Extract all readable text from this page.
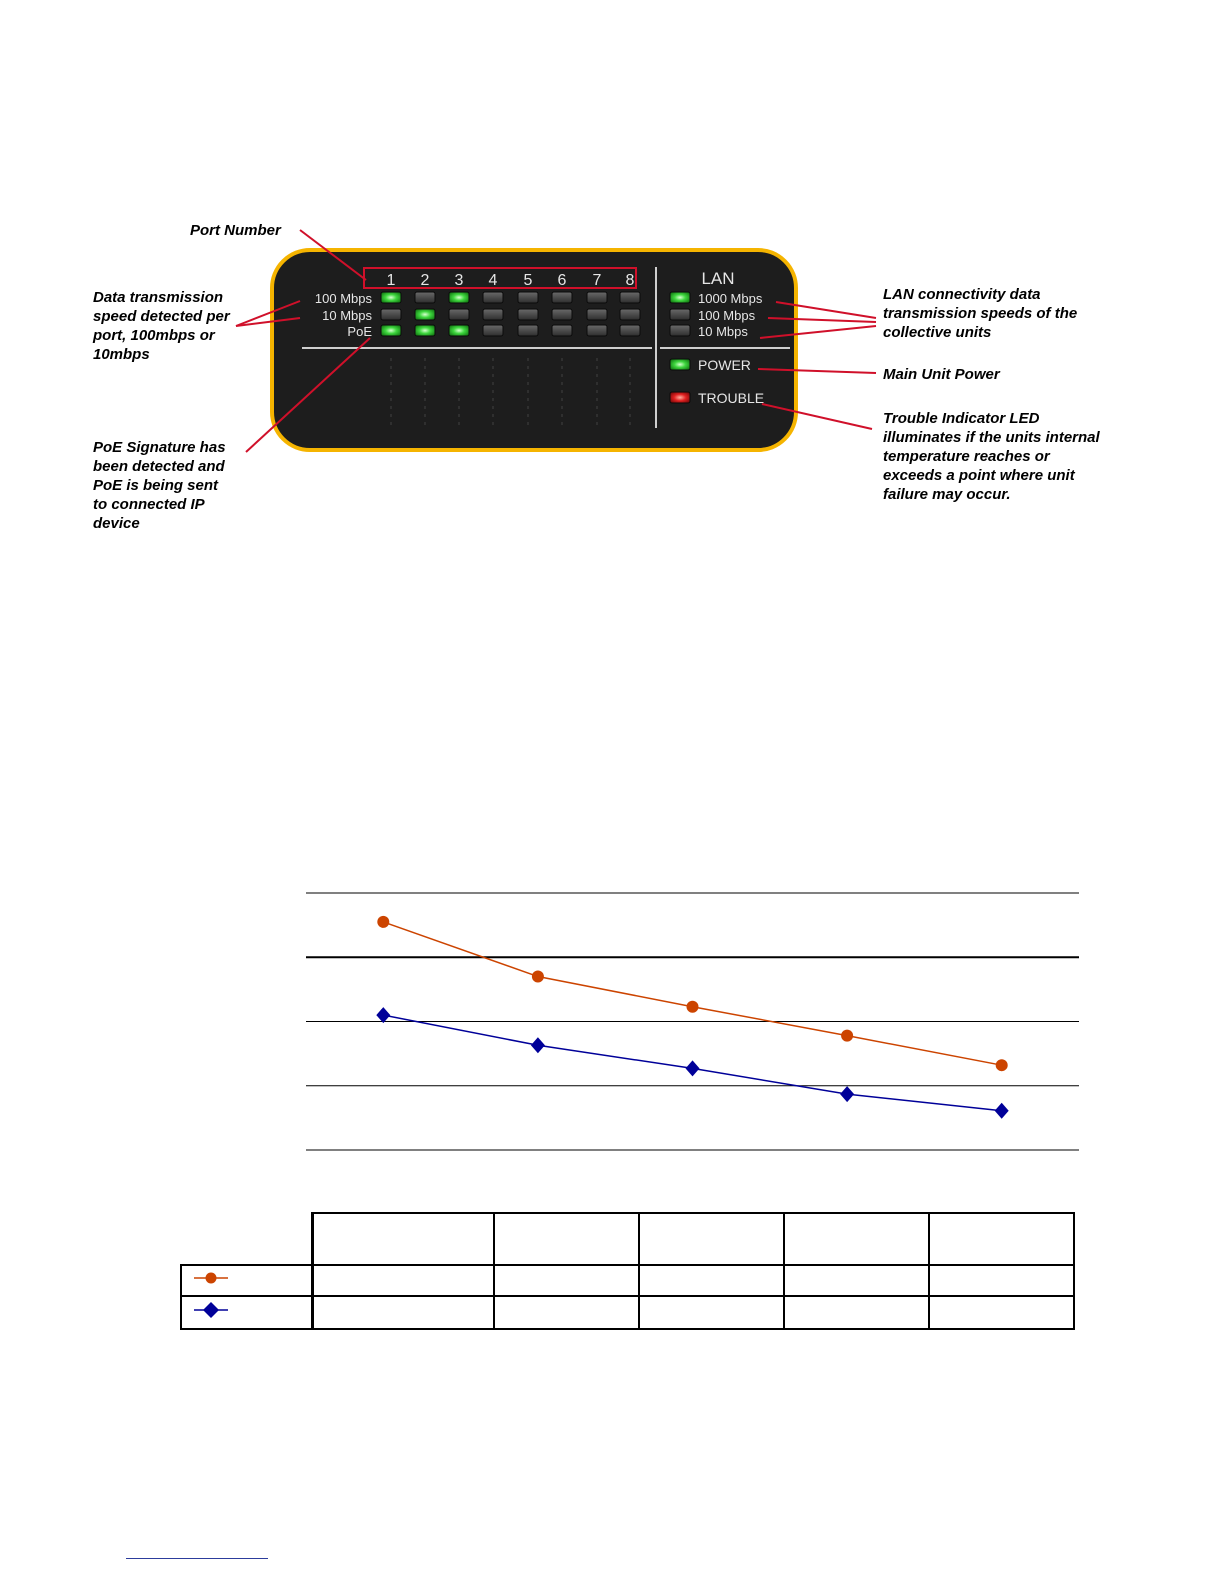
Port Number
Data transmission
speed detected per
port, 100mbps or
10mbps
PoE Signature has
been detected and
PoE is being sent
to connected IP
device
LAN connectivity data
transmission speeds of the
collective units
Main Unit Power
Trouble Indicator LED
illuminates if the units internal
temperature reaches or
exceeds a point where unit
failure may occur.
1 2 3 4 5 6 7 8
100 Mbps
10 Mbps
PoE
LAN
1000 Mbps
100 Mbps
10 Mbps
POWER
TROUBLE
